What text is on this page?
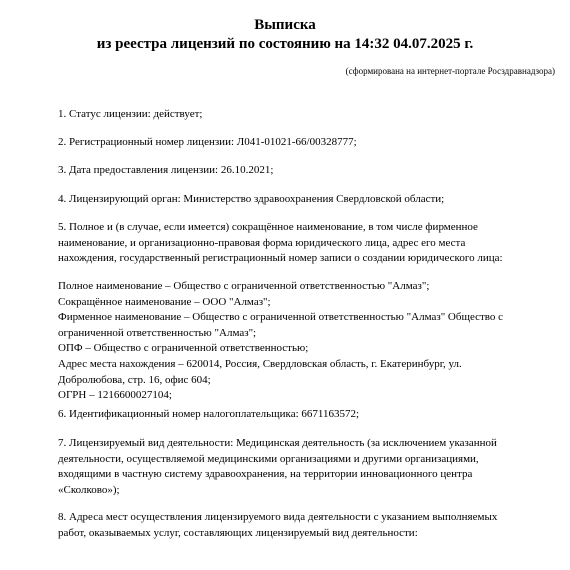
Выписка
из реестра лицензий по состоянию на 14:32 04.07.2025 г.
(сформирована на интернет-портале Росздравнадзора)
1. Статус лицензии: действует;
2. Регистрационный номер лицензии: Л041-01021-66/00328777;
3. Дата предоставления лицензии: 26.10.2021;
4. Лицензирующий орган: Министерство здравоохранения Свердловской области;
5. Полное и (в случае, если имеется) сокращённое наименование, в том числе фирменное
наименование, и организационно-правовая форма юридического лица, адрес его места
нахождения, государственный регистрационный номер записи о создании юридического лица:
Полное наименование – Общество с ограниченной ответственностью "Алмаз";
Сокращённое наименование – ООО "Алмаз";
Фирменное наименование – Общество с ограниченной ответственностью "Алмаз" Общество с
ограниченной ответственностью "Алмаз";
ОПФ – Общество с ограниченной ответственностью;
Адрес места нахождения – 620014, Россия, Свердловская область, г. Екатеринбург, ул.
Добролюбова, стр. 16, офис 604;
ОГРН – 1216600027104;
6. Идентификационный номер налогоплательщика: 6671163572;
7. Лицензируемый вид деятельности: Медицинская деятельность (за исключением указанной
деятельности, осуществляемой медицинскими организациями и другими организациями,
входящими в частную систему здравоохранения, на территории инновационного центра
«Сколково»);
8. Адреса мест осуществления лицензируемого вида деятельности с указанием выполняемых
работ, оказываемых услуг, составляющих лицензируемый вид деятельности:
